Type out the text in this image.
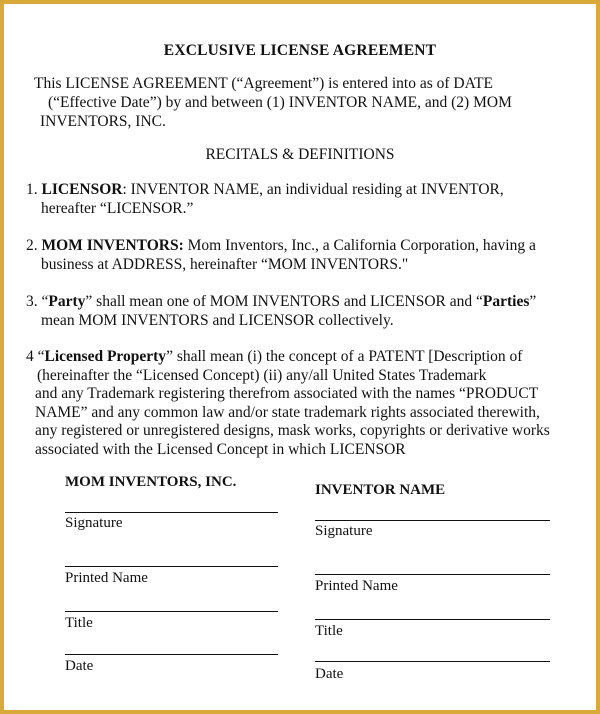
EXCLUSIVE LICENSE AGREEMENT
This LICENSE AGREEMENT (“Agreement”) is entered into as of DATE
(“Effective Date”) by and between (1) INVENTOR NAME, and (2) MOM
INVENTORS, INC.
RECITALS & DEFINITIONS
1. LICENSOR: INVENTOR NAME, an individual residing at INVENTOR,
hereafter “LICENSOR.”
2. MOM INVENTORS: Mom Inventors, Inc., a California Corporation, having a
business at ADDRESS, hereinafter “MOM INVENTORS."
3. “Party” shall mean one of MOM INVENTORS and LICENSOR and “Parties”
mean MOM INVENTORS and LICENSOR collectively.
4 “Licensed Property” shall mean (i) the concept of a PATENT [Description of
(hereinafter the “Licensed Concept) (ii) any/all United States Trademark
and any Trademark registering therefrom associated with the names “PRODUCT
NAME” and any common law and/or state trademark rights associated therewith,
any registered or unregistered designs, mask works, copyrights or derivative works
associated with the Licensed Concept in which LICENSOR
MOM INVENTORS, INC.
Signature
Printed Name
Title
Date
INVENTOR NAME
Signature
Printed Name
Title
Date
